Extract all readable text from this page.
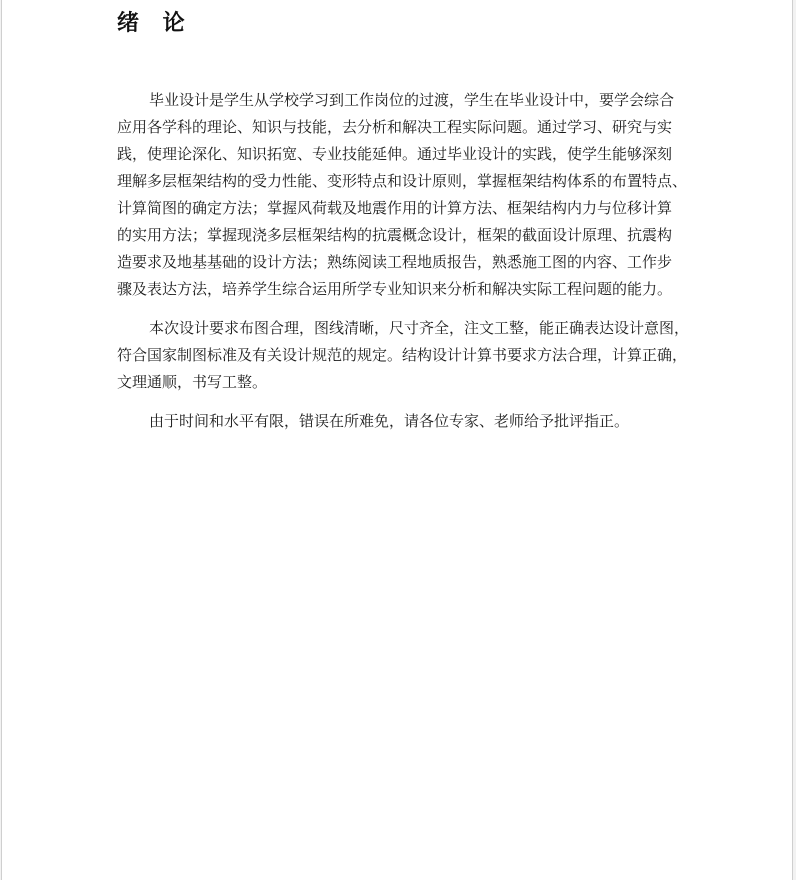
绪 论

毕业设计是学生从学校学习到工作岗位的过渡，学生在毕业设计中，要学会综合
应用各学科的理论、知识与技能，去分析和解决工程实际问题。通过学习、研究与实
践，使理论深化、知识拓宽、专业技能延伸。通过毕业设计的实践，使学生能够深刻
理解多层框架结构的受力性能、变形特点和设计原则，掌握框架结构体系的布置特点、
计算简图的确定方法；掌握风荷载及地震作用的计算方法、框架结构内力与位移计算
的实用方法；掌握现浇多层框架结构的抗震概念设计，框架的截面设计原理、抗震构
造要求及地基基础的设计方法；熟练阅读工程地质报告，熟悉施工图的内容、工作步
骤及表达方法，培养学生综合运用所学专业知识来分析和解决实际工程问题的能力。

本次设计要求布图合理，图线清晰，尺寸齐全，注文工整，能正确表达设计意图，
符合国家制图标准及有关设计规范的规定。结构设计计算书要求方法合理，计算正确，
文理通顺，书写工整。

由于时间和水平有限，错误在所难免，请各位专家、老师给予批评指正。
